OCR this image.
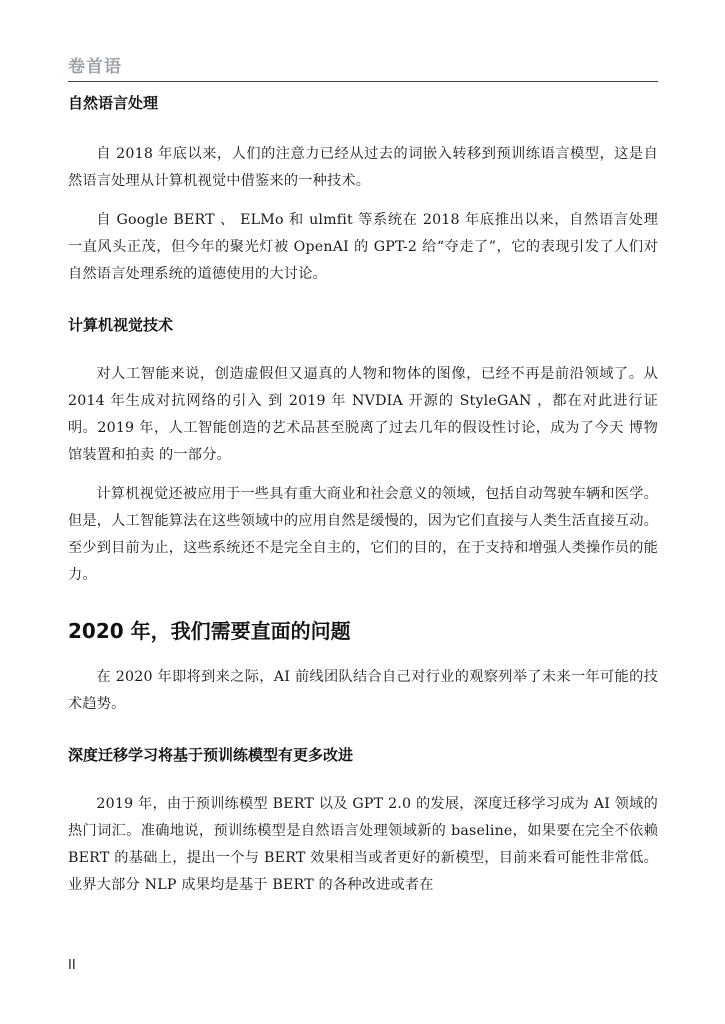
卷首语
自然语言处理

自 2018 年底以来，人们的注意力已经从过去的词嵌入转移到预训练语言模型，这是自然语言处理从计算机视觉中借鉴来的一种技术。

自 Google BERT 、 ELMo 和 ulmfit 等系统在 2018 年底推出以来，自然语言处理一直风头正茂，但今年的聚光灯被 OpenAI 的 GPT-2 给“夺走了”，它的表现引发了人们对 自然语言处理系统的道德使用的大讨论。

计算机视觉技术

对人工智能来说，创造虚假但又逼真的人物和物体的图像，已经不再是前沿领域了。从 2014 年生成对抗网络的引入 到 2019 年 NVDIA 开源的 StyleGAN ，都在对此进行证明。2019 年，人工智能创造的艺术品甚至脱离了过去几年的假设性讨论，成为了今天 博物馆装置和拍卖 的一部分。

计算机视觉还被应用于一些具有重大商业和社会意义的领域，包括自动驾驶车辆和医学。但是，人工智能算法在这些领域中的应用自然是缓慢的，因为它们直接与人类生活直接互动。至少到目前为止，这些系统还不是完全自主的，它们的目的，在于支持和增强人类操作员的能力。

2020 年，我们需要直面的问题

在 2020 年即将到来之际，AI 前线团队结合自己对行业的观察列举了未来一年可能的技术趋势。

深度迁移学习将基于预训练模型有更多改进

2019 年，由于预训练模型 BERT 以及 GPT 2.0 的发展，深度迁移学习成为 AI 领域的热门词汇。准确地说，预训练模型是自然语言处理领域新的 baseline，如果要在完全不依赖 BERT 的基础上，提出一个与 BERT 效果相当或者更好的新模型，目前来看可能性非常低。业界大部分 NLP 成果均是基于 BERT 的各种改进或者在

II
